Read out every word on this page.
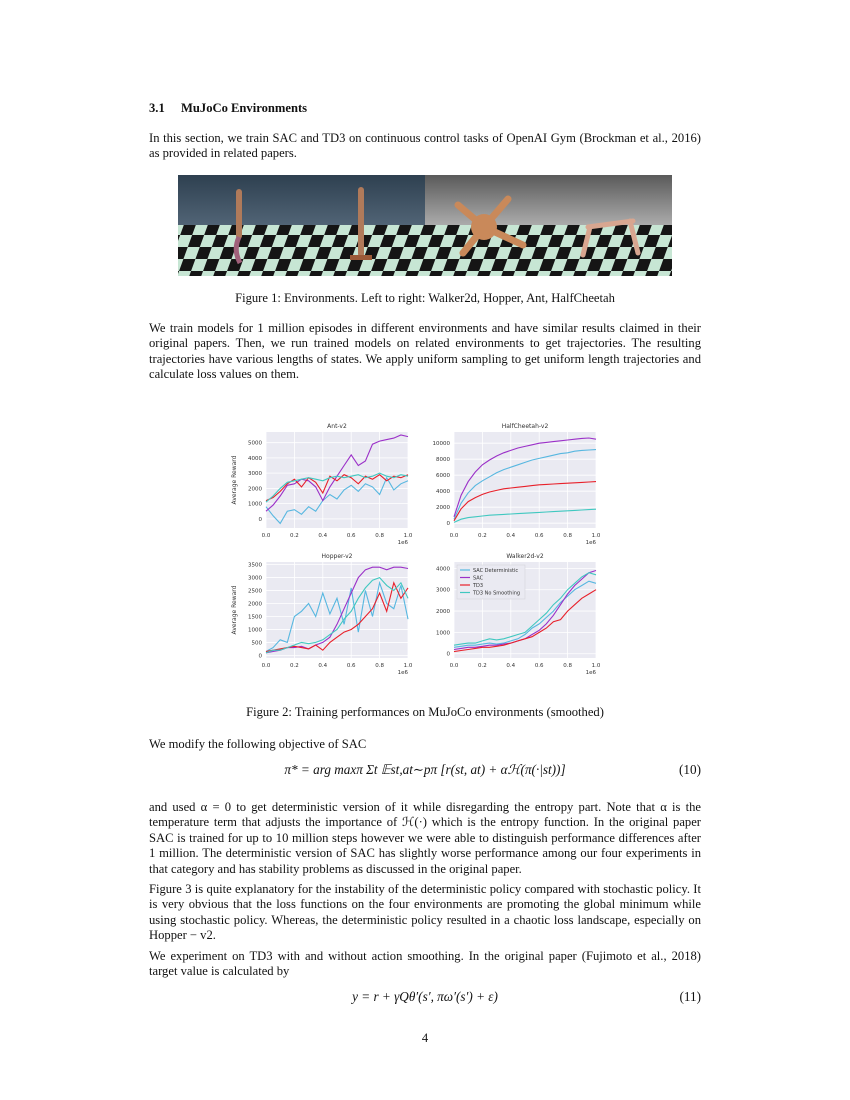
3.1 MuJoCo Environments

In this section, we train SAC and TD3 on continuous control tasks of OpenAI Gym (Brockman et al., 2016) as provided in related papers.

Figure 1: Environments. Left to right: Walker2d, Hopper, Ant, HalfCheetah

We train models for 1 million episodes in different environments and have similar results claimed in their original papers. Then, we run trained models on related environments to get trajectories. The resulting trajectories have various lengths of states. We apply uniform sampling to get uniform length trajectories and calculate loss values on them.

Ant-v2
0.0	0.2	0.4	0.6	0.8	1.0
0
1000
2000
3000
4000
5000
1e6
Average Reward
HalfCheetah-v2
0.0	0.2	0.4	0.6	0.8	1.0
0
2000
4000
6000
8000
10000
1e6
Hopper-v2
0.0	0.2	0.4	0.6	0.8	1.0
0
500
1000
1500
2000
2500
3000
3500
1e6
Average Reward
Walker2d-v2
0.0	0.2	0.4	0.6	0.8	1.0
0
1000
2000
3000
4000
1e6
SAC Deterministic
SAC
TD3
TD3 No Smoothing

Figure 2: Training performances on MuJoCo environments (smoothed)

We modify the following objective of SAC

π* = arg maxπ Σt 𝔼st,at∼pπ [r(st, at) + αℋ(π(·|st))]	(10)

and used α = 0 to get deterministic version of it while disregarding the entropy part. Note that α is the temperature term that adjusts the importance of ℋ(·) which is the entropy function. In the original paper SAC is trained for up to 10 million steps however we were able to distinguish performance differences after 1 million. The deterministic version of SAC has slightly worse performance among our four experiments in that category and has stability problems as discussed in the original paper.

Figure 3 is quite explanatory for the instability of the deterministic policy compared with stochastic policy. It is very obvious that the loss functions on the four environments are promoting the global minimum while using stochastic policy. Whereas, the deterministic policy resulted in a chaotic loss landscape, especially on Hopper − v2.

We experiment on TD3 with and without action smoothing. In the original paper (Fujimoto et al., 2018) target value is calculated by

y = r + γQθ′(s′, πω′(s′) + ε)	(11)
4
